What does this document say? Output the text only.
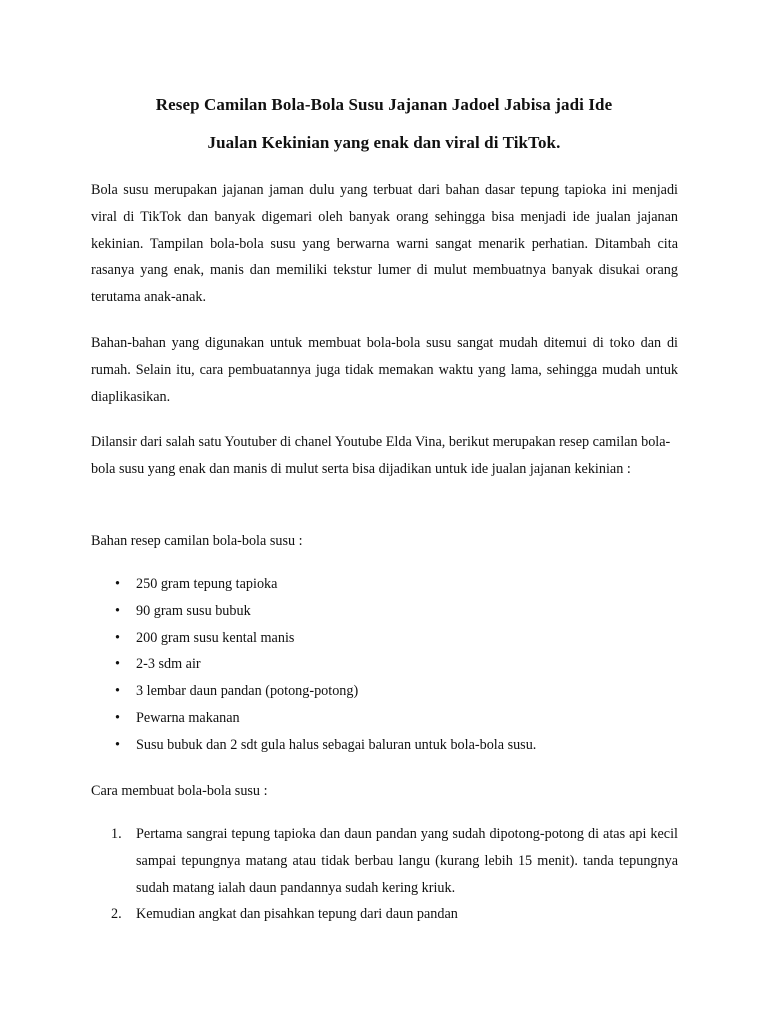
Resep Camilan Bola-Bola Susu Jajanan Jadoel Jabisa jadi Ide
Jualan Kekinian yang enak dan viral di TikTok.

Bola susu merupakan jajanan jaman dulu yang terbuat dari bahan dasar tepung tapioka ini menjadi viral di TikTok dan banyak digemari oleh banyak orang sehingga bisa menjadi ide jualan jajanan kekinian. Tampilan bola-bola susu yang berwarna warni sangat menarik perhatian. Ditambah cita rasanya yang enak, manis dan memiliki tekstur lumer di mulut membuatnya banyak disukai orang terutama anak-anak.

Bahan-bahan yang digunakan untuk membuat bola-bola susu sangat mudah ditemui di toko dan di rumah. Selain itu, cara pembuatannya juga tidak memakan waktu yang lama, sehingga mudah untuk diaplikasikan.

Dilansir dari salah satu Youtuber di chanel Youtube Elda Vina, berikut merupakan resep camilan bola-bola susu yang enak dan manis di mulut serta bisa dijadikan untuk ide jualan jajanan kekinian :

Bahan resep camilan bola-bola susu :

• 250 gram tepung tapioka
• 90 gram susu bubuk
• 200 gram susu kental manis
• 2-3 sdm air
• 3 lembar daun pandan (potong-potong)
• Pewarna makanan
• Susu bubuk dan 2 sdt gula halus sebagai baluran untuk bola-bola susu.

Cara membuat bola-bola susu :

1. Pertama sangrai tepung tapioka dan daun pandan yang sudah dipotong-potong di atas api kecil sampai tepungnya matang atau tidak berbau langu (kurang lebih 15 menit). tanda tepungnya sudah matang ialah daun pandannya sudah kering kriuk.
2. Kemudian angkat dan pisahkan tepung dari daun pandan
